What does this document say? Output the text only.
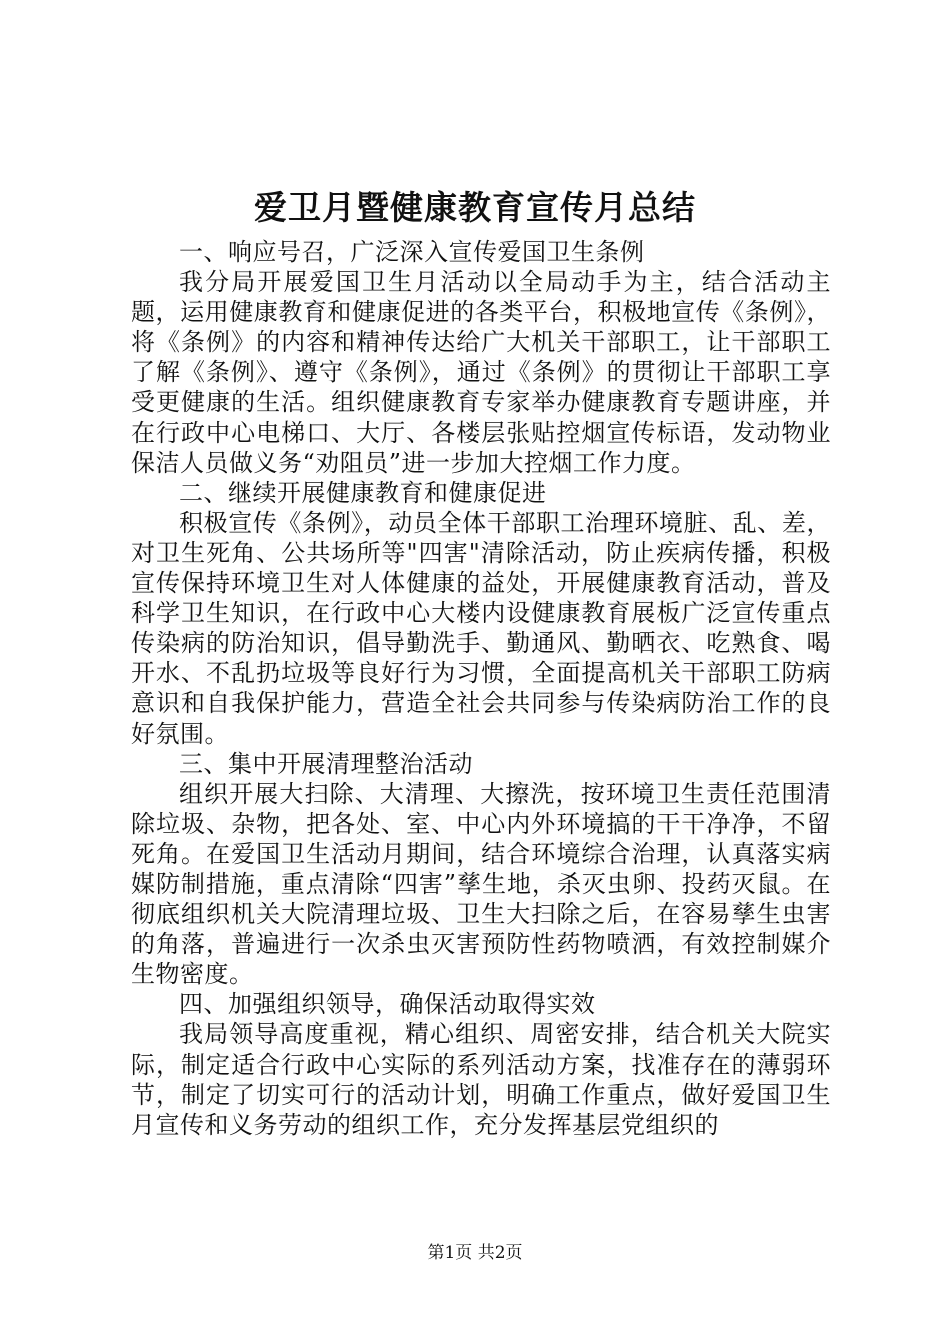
爱卫月暨健康教育宣传月总结

一、响应号召，广泛深入宣传爱国卫生条例

我分局开展爱国卫生月活动以全局动手为主，结合活动主题，运用健康教育和健康促进的各类平台，积极地宣传《条例》，将《条例》的内容和精神传达给广大机关干部职工，让干部职工了解《条例》、遵守《条例》，通过《条例》的贯彻让干部职工享受更健康的生活。组织健康教育专家举办健康教育专题讲座，并在行政中心电梯口、大厅、各楼层张贴控烟宣传标语，发动物业保洁人员做义务“劝阻员”进一步加大控烟工作力度。

二、继续开展健康教育和健康促进

积极宣传《条例》，动员全体干部职工治理环境脏、乱、差，对卫生死角、公共场所等"四害"清除活动，防止疾病传播，积极宣传保持环境卫生对人体健康的益处，开展健康教育活动，普及科学卫生知识，在行政中心大楼内设健康教育展板广泛宣传重点传染病的防治知识，倡导勤洗手、勤通风、勤晒衣、吃熟食、喝开水、不乱扔垃圾等良好行为习惯，全面提高机关干部职工防病意识和自我保护能力，营造全社会共同参与传染病防治工作的良好氛围。

三、集中开展清理整治活动

组织开展大扫除、大清理、大擦洗，按环境卫生责任范围清除垃圾、杂物，把各处、室、中心内外环境搞的干干净净，不留死角。在爱国卫生活动月期间，结合环境综合治理，认真落实病媒防制措施，重点清除“四害”孳生地，杀灭虫卵、投药灭鼠。在彻底组织机关大院清理垃圾、卫生大扫除之后，在容易孳生虫害的角落，普遍进行一次杀虫灭害预防性药物喷洒，有效控制媒介生物密度。

四、加强组织领导，确保活动取得实效

我局领导高度重视，精心组织、周密安排，结合机关大院实际，制定适合行政中心实际的系列活动方案，找准存在的薄弱环节，制定了切实可行的活动计划，明确工作重点，做好爱国卫生月宣传和义务劳动的组织工作，充分发挥基层党组织的

第1页 共2页
